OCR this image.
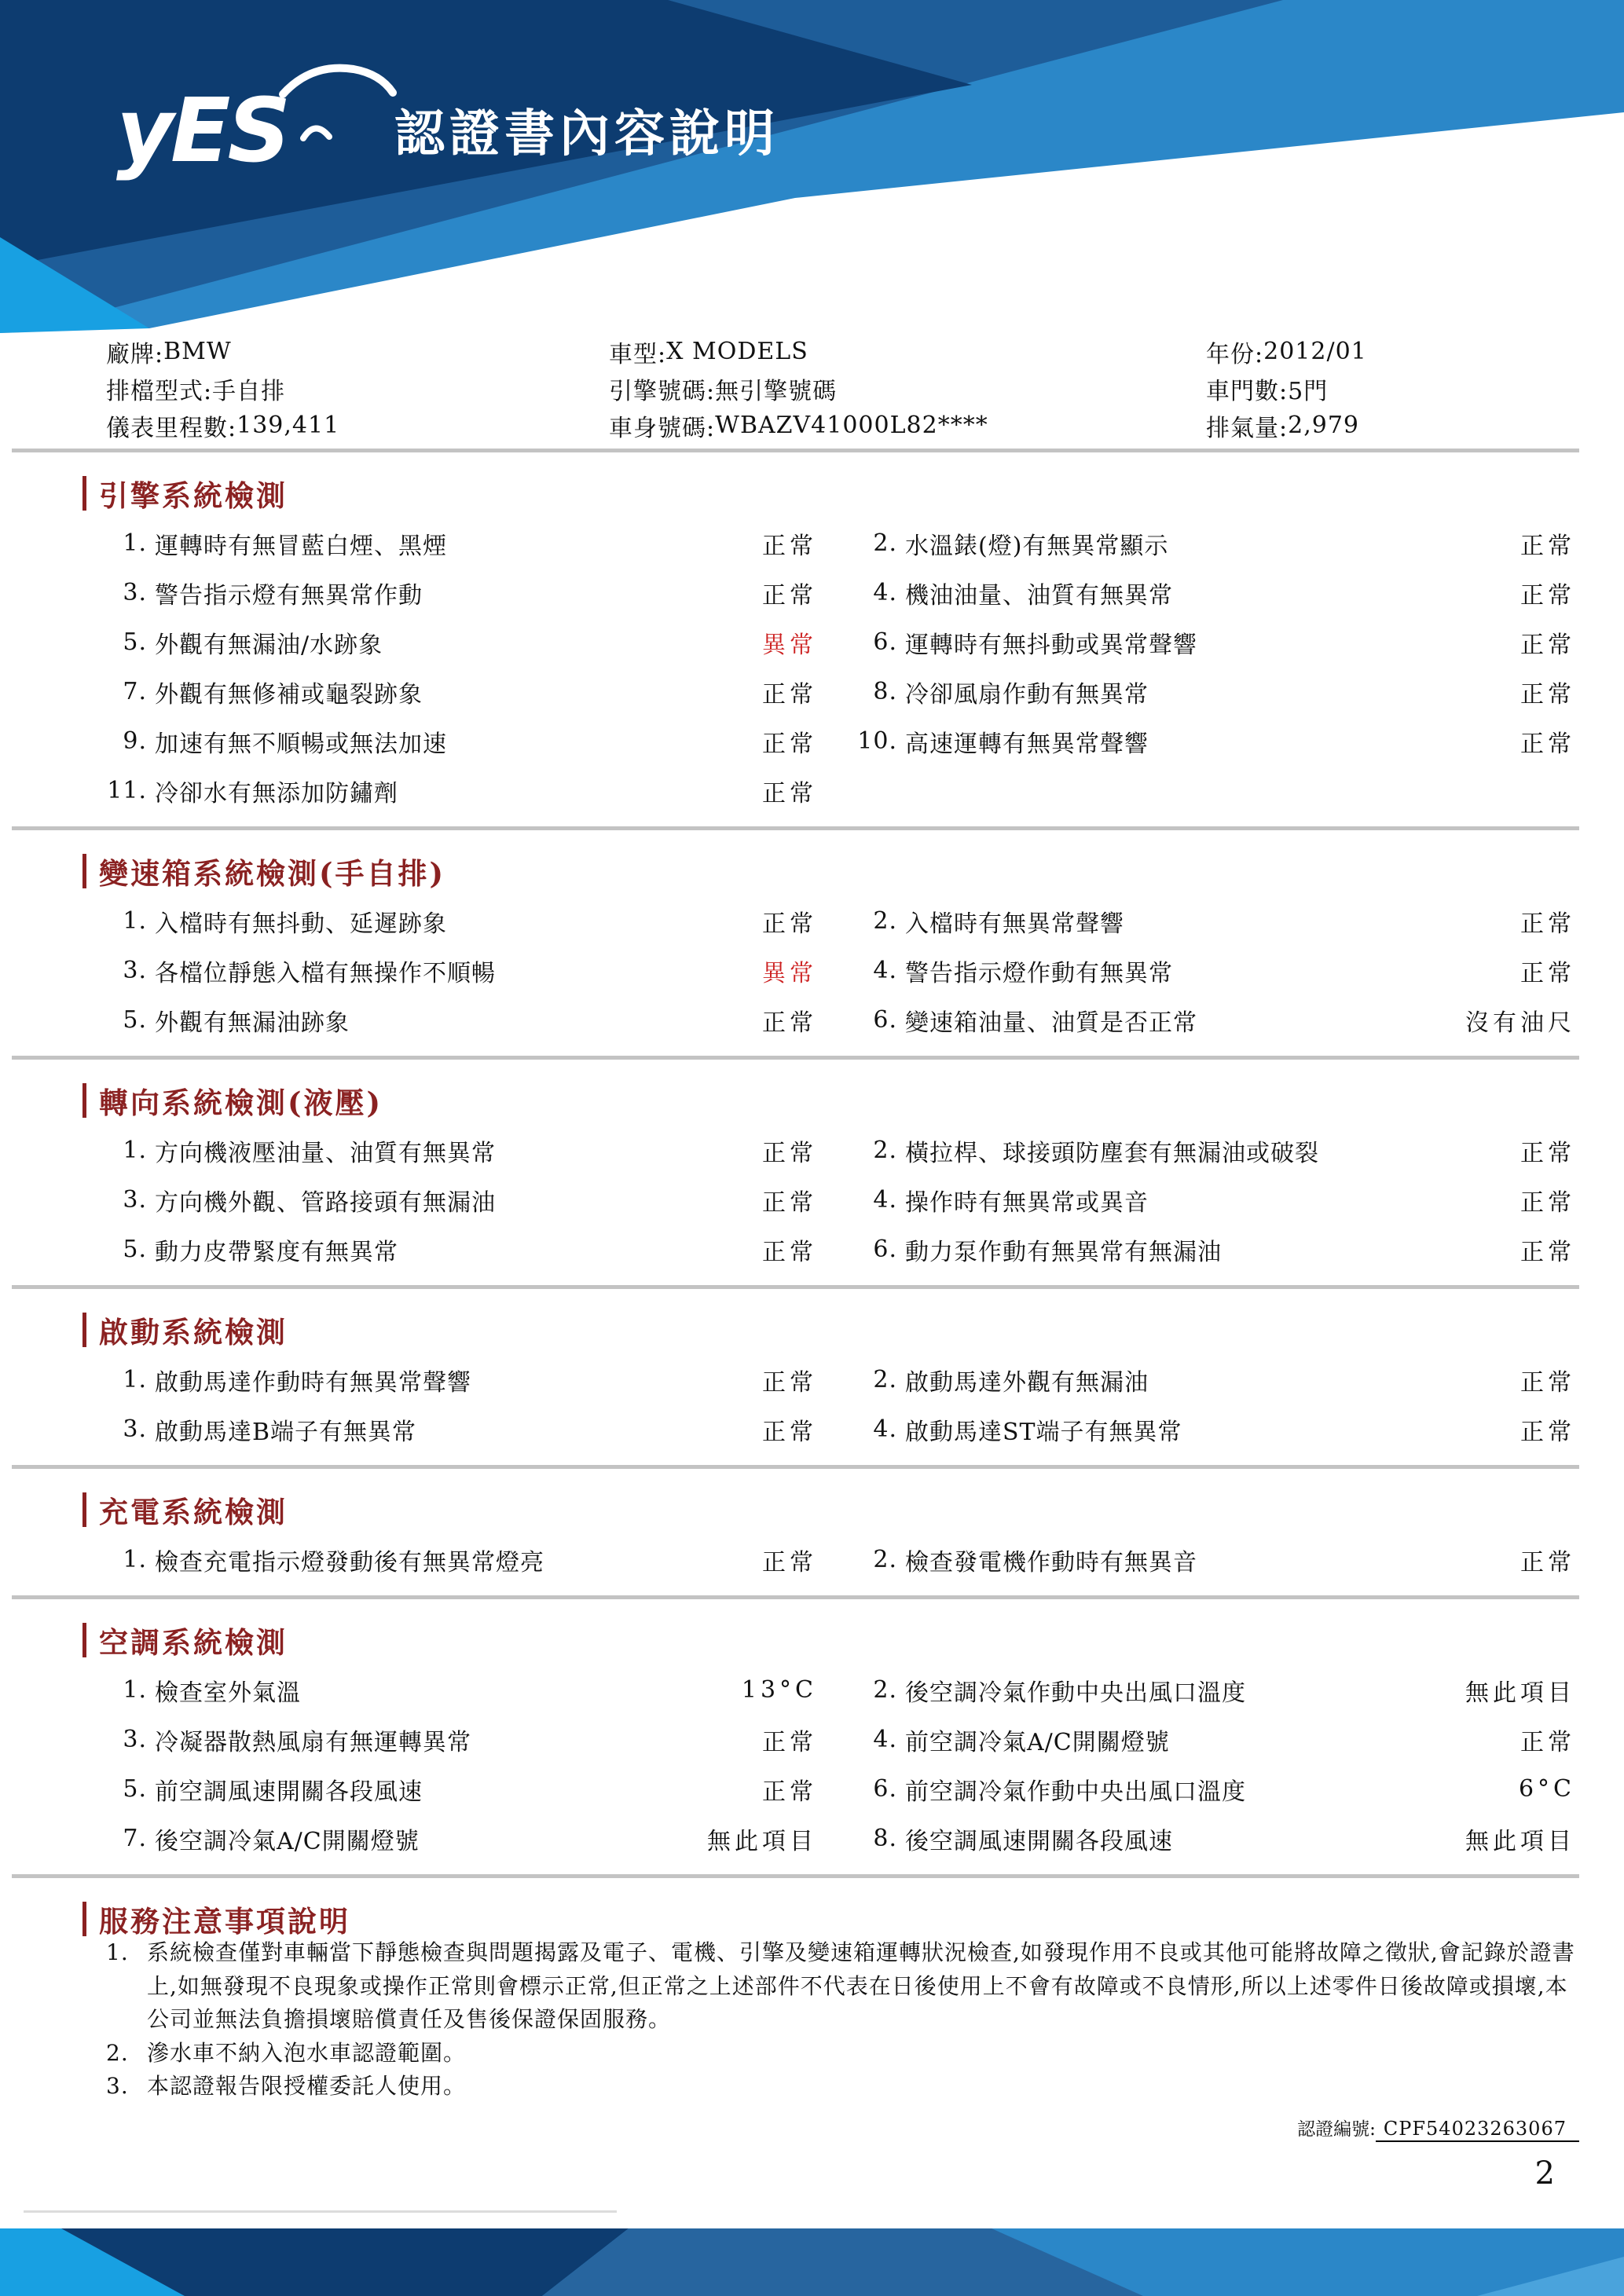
yES 認證書內容說明
廠牌: BMW	車型: X MODELS	年份: 2012/01
排檔型式: 手自排	引擎號碼: 無引擎號碼	車門數: 5門
儀表里程數: 139,411	車身號碼: WBAZV41000L82****	排氣量: 2,979
引擎系統檢測
1. 運轉時有無冒藍白煙、黑煙	正常	2. 水溫錶(燈)有無異常顯示	正常
3. 警告指示燈有無異常作動	正常	4. 機油油量、油質有無異常	正常
5. 外觀有無漏油/水跡象	異常	6. 運轉時有無抖動或異常聲響	正常
7. 外觀有無修補或龜裂跡象	正常	8. 冷卻風扇作動有無異常	正常
9. 加速有無不順暢或無法加速	正常 10. 高速運轉有無異常聲響	正常
11. 冷卻水有無添加防鏽劑	正常
變速箱系統檢測(手自排)
1. 入檔時有無抖動、延遲跡象	正常	2. 入檔時有無異常聲響	正常
3. 各檔位靜態入檔有無操作不順暢	異常	4. 警告指示燈作動有無異常	正常
5. 外觀有無漏油跡象	正常	6. 變速箱油量、油質是否正常	沒有油尺
轉向系統檢測(液壓)
1. 方向機液壓油量、油質有無異常	正常	2. 橫拉桿、球接頭防塵套有無漏油或破裂	正常
3. 方向機外觀、管路接頭有無漏油	正常	4. 操作時有無異常或異音	正常
5. 動力皮帶緊度有無異常	正常	6. 動力泵作動有無異常有無漏油	正常
啟動系統檢測
1. 啟動馬達作動時有無異常聲響	正常	2. 啟動馬達外觀有無漏油	正常
3. 啟動馬達B端子有無異常	正常	4. 啟動馬達ST端子有無異常	正常
充電系統檢測
1. 檢查充電指示燈發動後有無異常燈亮	正常	2. 檢查發電機作動時有無異音	正常
空調系統檢測
1. 檢查室外氣溫	13°C	2. 後空調冷氣作動中央出風口溫度	無此項目
3. 冷凝器散熱風扇有無運轉異常	正常	4. 前空調冷氣A/C開關燈號	正常
5. 前空調風速開關各段風速	正常	6. 前空調冷氣作動中央出風口溫度	6°C
7. 後空調冷氣A/C開關燈號	無此項目	8. 後空調風速開關各段風速	無此項目
服務注意事項說明
1. 系統檢查僅對車輛當下靜態檢查與問題揭露及電子、電機、引擎及變速箱運轉狀況檢查,如發現作用不良或其他可能將故障之徵狀,會記錄於證書上,如無發現不良現象或操作正常則會標示正常,但正常之上述部件不代表在日後使用上不會有故障或不良情形,所以上述零件日後故障或損壞,本公司並無法負擔損壞賠償責任及售後保證保固服務。
2. 滲水車不納入泡水車認證範圍。
3. 本認證報告限授權委託人使用。
認證編號: CPF54023263067
2
